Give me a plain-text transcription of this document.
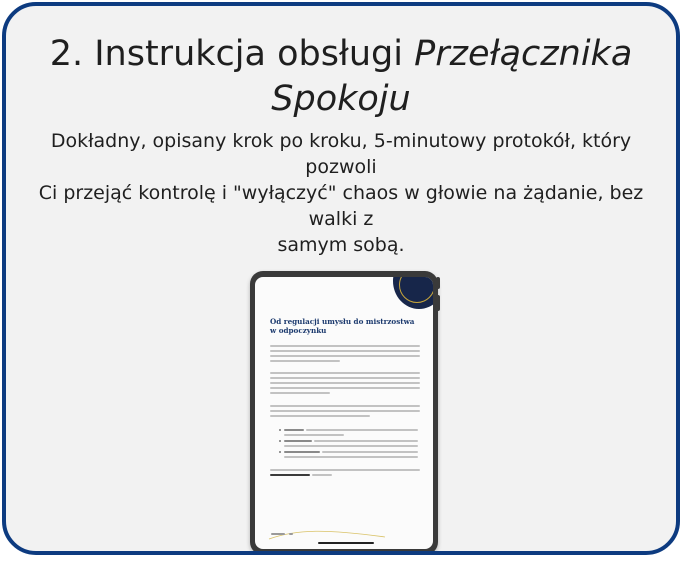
2. Instrukcja obsługi Przełącznika
Spokoju
Dokładny, opisany krok po kroku, 5-minutowy protokół, który pozwoli
Ci przejąć kontrolę i "wyłączyć" chaos w głowie na żądanie, bez walki z
samym sobą.
Od regulacji umysłu do mistrzostwa w odpoczynku
